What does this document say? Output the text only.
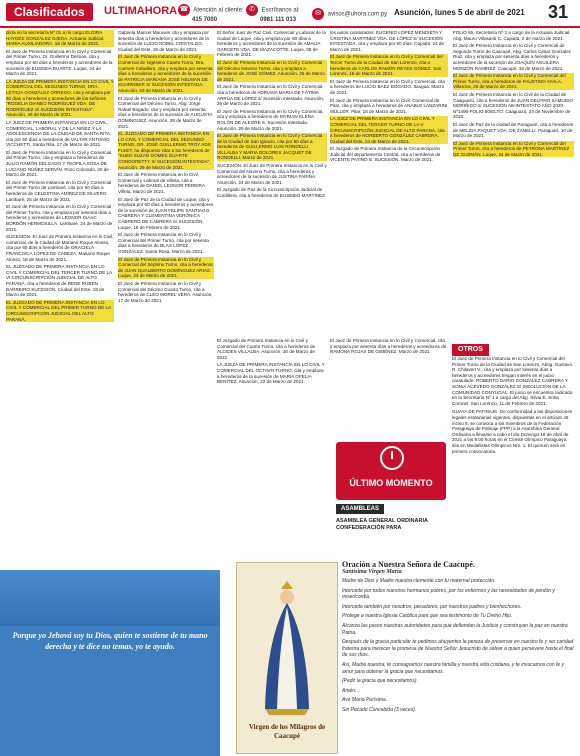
Clasificados	ULTIMAHORA ☎ Atención al cliente:
415 7000
✆ Escríbanos al:
0981 111 013
✉ avisos@uhora.com.py Asunción, lunes 5 de abril de 2021 31

dicta en la secretaría Nº 01 a mi cargo ELGIRA HAYDÉE GONZÁLEZ OJEDA. Actuaria Judicial. MARIA AUXILIADORA. 18 de Marzo de 2021.

El Juez de Primera Instancia en lo Civil y Comercial del Primer Turno, Dr. Guillermo Delmas, cita y emplaza por 60 días a herederos y acreedores de la sucesión de EUSEBIA DUARTE. Luque, 24 de Marzo de 2021.

LA JUEZA DE PRIMERA INSTANCIA EN LO CIVIL Y COMERCIAL DEL SEGUNDO TURNO, DRA. LETICIA GONZÁLEZ ORREGO, cita y emplaza por 60 días a herederos y acreedores de los señores "ROGELIA DIANEO RODRÍGUEZ VDA. DE RODRÍGUEZ S/ SUCESIÓN INTESTADA". Asunción, 26 de Marzo de 2021.

LA JUEZ DE PRIMERA INSTANCIA EN LO CIVIL, COMERCIAL, LABORAL Y DE LA NIÑEZ Y LA ADOLESCENCIA DE LA CIUDAD DE SANTA RITA, cita por 60 días a herederos de VALTAR ANTONIO VICCHETTI. Santa Rita, 17 de Marzo de 2021.

El Juez de Primera Instancia en lo Civil y Comercial del Primer Turno, cita y emplaza a herederos de JULIO RAMÓN DELGADO Y TEÓFILA SOSA DE LUCIANO NÚÑEZ SERVÍN. Pozo Colorado, 20 de Marzo de 2021.

El Juez de Primera Instancia en lo Civil y Comercial del Primer Turno de Lambaré, cita por 60 días a herederos de CELESTINA AMÍREZ DE SILVERO. Lambaré, 25 de Marzo de 2021.

El Juez de Primera Instancia en lo Civil y Comercial del Primer Turno, cita y emplaza por sesenta días a herederos y acreedores de LEONOR ISAAC BORDÓN HERMOSILLA. Lambaré, 24 de Marzo de 2021.

SUCESIÓN. El Juez de Primera Instancia en lo Civil, comercial, de la Ciudad de Mariano Roque Alonso, cita por 60 días a herederos de GRACIELA FRANCISCA LÓPEZ DE CABEZA. Mariano Roque Alonso, 18 de Marzo de 2021.

EL JUZGADO DE PRIMERA INSTANCIA EN LO CIVIL Y COMERCIAL DEL TERCER TURNO DE LA VI CIRCUNSCRIPCIÓN JUDICIAL DE ALTO PARANÁ, cita a herederos de RENE RUBÉN BARREIRO SUCESIÓN, Ciudad del Este, 15 de Marzo de 2021.

EL JUZGADO DE PRIMERA INSTANCIA EN LO CIVIL Y COMERCIAL DEL PRIMER TURNO DE LA CIRCUNSCRIPCIÓN JUDICIAL DEL ALTO PARANÁ.

Gabriela Maricel Mauvaín cita y emplaza por sesenta días a herederos y acreedores de la sucesión de LUCIO NOBEL CRISTALDO. Ciudad del Este, 26 de Marzo de 2021.

El Juez de Primera Instancia en lo Civil y Comercial de Vigésimo Cuarto Turno, Dra. Carmen Caballero, cita y emplaza por sesenta días a herederos y acreedores de la sucesión de PATRICIA MARIANA JOSÉ HELMAN DE SCHREIBER S/ SUCESIÓN INTESTADA. Asunción, 03 de Marzo de 2021.

El Juez de Primera Instancia en lo Civil y Comercial del Décimo Turno, Abg. Jorge Rafael Bogado, cita y emplaza por sesenta días a herederos de la sucesión de AUGUSTA DOMÍNGUEZ. Asunción, 26 de Marzo de 2021.

EL JUZGADO DE PRIMERA INSTANCIA EN LO CIVIL Y COMERCIAL DEL SEGUNDO TURNO, DR. JOSÉ GUILLERMO TROY ADS FLEET, ha dispuesto citar a los herederos de "SUED SUZAN GOMES DUARTE CONDORETTY S/ SUCESIÓN INTESTADA". Asunción, 29 de Marzo de 2021.

El Juez de Primera Instancia en lo Civil, Comercial y Laboral de Villeta, cita a herederos de DANIEL LEONOR PEREIRA. Villeta, Marzo de 2021.

El Juez de Paz de la Ciudad de Luque, cita y emplaza por 60 días a herederos y acreedores de la sucesión de JUAN FELIPE SANTIAGO CABRERA Y CLEMENTINA VERÓNICA CABRERO DE CABRERA S/ SUCESIÓN. Luque, 18 de Febrero de 2021.

El Juez de Primera Instancia en lo Civil y Comercial del Primer Turno, cita por sesenta días a herederos de BLAS LÓPEZ GONZÁLEZ. Santa Rosa, Marzo de 2021.

El Juez de Primera Instancia en lo Civil y Comercial del Séptimo Turno, cita a herederos de JUAN GUALBERTO DOMÍNGUEZ ARIAS. Luque, 23 de Marzo de 2021.

El Juez de Primera Instancia en lo Civil y Comercial del Décimo Cuarto Turno, cita a herederos de CLEO MOREL VERA. Asunción, 17 de Marzo de 2021.

El Señor Juez de Paz Civil, Comercial y Laboral de la ciudad de Luque, cita y emplaza por 60 días a herederos y acreedores de la sucesión de AMALIA GARCETE VDA. DE MAZACOTTE. Luque, 08 de Febrero de 2021.

El Juez de Primera Instancia en lo Civil y Comercial del Décimo Noveno Turno, cita y emplaza a herederos de JOSÉ GÓMEZ. Asunción, 25 de Marzo de 2021.

El Juez de Primera Instancia en lo Civil y Comercial, cita a herederos de ADRIANA MARIA DE FÁTIMA ARRÚA DE LÓPEZ s/ Sucesión intestada. Asunción, 26 de Marzo de 2021.

El Juez de Primera Instancia en lo Civil y Comercial, cita y emplaza a herederos de MYRIAN ELENA ROLÓN DE ALEGRE S. Sucesión Intestada. Asunción, 29 de Marzo de 2021.

El Juez de Primera Instancia en lo Civil y Comercial de la Ciudad de San Ignacio, cita por 60 días a herederos de GUILLERMO LUIS RONDELLI VILLALBA Y MARIA DOLORES JACQUET DE RONDELLI. Marzo de 2021.

SUCESIÓN. El Juez de Primera Instancia en lo Civil y Comercial del Noveno Turno, cita a herederos y acreedores de la sucesión de JUSTINA FARIÑA. Asunción, 24 de Marzo de 2021.

El Juzgado de Paz de la Circunscripción Judicial de Cordillera, cita a herederos de EUSEBIO MARTÍNEZ.

El Juzgado de Primera Instancia en lo Civil y Comercial del Cuarto Turno, cita a herederos de ALCIDES VILLALBA. Asunción, 30 de Marzo de 2021.

LA JUEZA DE PRIMERA INSTANCIA EN LO CIVIL Y COMERCIAL DEL OCTAVO TURNO, cita y emplaza a herederos de la sucesión de MARÍA OFELIA BENÍTEZ. Asunción, 22 de Marzo de 2021.

los autos caratulados: EUGENIO LÓPEZ MENDIETA Y CRISTINA MARTÍNEZ VDA. DE LÓPEZ S/ SUCESIÓN INTESTADA, cita y emplaza por 60 días. Capiatá, 24 de Marzo de 2021.

El Juez de Primera Instancia en lo Civil y Comercial del Tercer Turno de la Ciudad de San Lorenzo, cita a herederos de CARLOS RAMÓN REYES GÓMEZ. San Lorenzo, 16 de Marzo de 2021.

El Juez de Primera Instancia en lo Civil y Comercial, cita a herederos de LUCIO BAEZ BOGADO. Itauguá, Marzo de 2021.

El Juez de Primera Instancia en lo Civil, Comercial de Pilar, cita y emplaza a herederos de ANABLE LANZARINI MÜLLER. Pilar, 18 de Marzo de 2021.

LA JUEZ DE PRIMERA INSTANCIA EN LO CIVIL Y COMERCIAL DEL TERCER TURNO DE LA V CIRCUNSCRIPCIÓN JUDICIAL DE ALTO PARANÁ, cita a herederos de NORBERTO GONZÁLEZ CABRERA. Ciudad del Este, 24 de Marzo de 2021.

El Juzgado de Primera Instancia de la Circunscripción Judicial del departamento Central, cita a herederos de VICENTE PATIÑO B. SUCESIÓN. Marzo de 2021.

El Juez de Primera Instancia en lo Civil y Comercial, cita y emplaza por sesenta días a herederos y acreedores de RAMONA ROJAS DE GIMÉNEZ. Marzo de 2021.

FOLIO 65. Secretaría Nº 2 a cargo de la Actuaria Judicial. Abg. Mauro Villasanti C. Capiatá, 2 de marzo de 2021.

El Juez de Primera Instancia en lo Civil y Comercial de Segundo Turno de Caacupé, Abg. Carlos César Gonzalez Ruiz, cita y emplaza por sesenta días a herederos y acreedores de la sucesión de JOAQUÍN AGUILERA MONZÓN RAMÍREZ. Caacupé, 18 de Marzo de 2021.

El Juez de Primera Instancia en lo Civil y Comercial del Primer Turno, cita a herederos de FAUSTINO AYALA. Villarrica, 26 de Marzo de 2021.

El Juez de Primera Instancia en lo Civil de la Ciudad de Caaguazú, cita a herederos de JUAN DELFINO SAMUDIO MORIÑIGO s/ SUCESIÓN AB-INTESTATO AÑO 2020-Nº1490-FOLIO 50/ELTO. Caaguazú, 24 de Noviembre de 2020.

El Juez de Paz de la ciudad de Paraguarí, cita a herederos de MELIDA PAQUET VDA. DE ZANELLI. Paraguarí, 10 de Marzo de 2021.

El Juez de Primera Instancia en lo Civil y Comercial del Primer Turno, cita a herederos de PETRONA MARTÍNEZ DE GUZMÁN. Luque, 24 de Marzo de 2021.

OTROS

El Juez de Primera Instancia en lo Civil y Comercial del Primer Turno de la Ciudad de San Lorenzo, Abog. Gustavo R. Chilavert V., cita y emplaza por sesenta días a herederos y acreedores tengan interés en el juicio caratulado: ROBERTO DARIO GONZÁLEZ CABRERA Y SONIA ACEVEDO GONZÁLEZ S/ DISOLUCIÓN DE LA COMUNIDAD CONYUGAL. El juicio se encuentra radicado en la Secretaría Nº 1 a cargo del Abg. Silvia E. Sosa Coronel. San Lorenzo, 11 de Febrero de 2021.

GUAYA DE PATINAJE. De conformidad a las disposiciones legales estatutarias vigentes, dispuestas en el artículo 46 inciso 9, se convoca a los miembros de la Federación Paraguaya de Patinaje (FPP) a la Asamblea General Ordinaria a llevarse a cabo el día Domingo 18 de Abril de 2021 a las 9:00 horas en el Comité Olímpico Paraguayo, sito en Medallistas Olímpicos Nro. 1. El quórum será en primera convocatoria.

ÚLTIMO MOMENTO
ASAMBLEAS
ASAMBLEA GENERAL ORDINARIA CONFEDERACIÓN PARA
Porque yo Jehová soy tu Dios, quien te sostiene de tu mano derecha y te dice no temas, yo te ayudo.
Virgen de los Milagros de Caacupé
Oración a Nuestra Señora de Caacupé.
Santísima Virgen María

Madre de Dios y Madre nuestra clemente con tu maternal protección.

Intercede por todos nuestros hermanos pobres, por los enfermos y las necesidades de perdón y misericordia.

Intercede también por nosotros, pecadores, por nuestros padres y bienhechores.

Protege a nuestra Iglesia Católica para que sea testimonio de Tu Divino Hijo.

Alcanza las paces nuestras autoridades para que defiendan la Justicia y construyan la paz en nuestra Patria.

Después de la gracia particular te pedimos ahuyentes la pereza de preservar en nuestro fe y ser caridad fraterna para merecer la promesa de Nuestro Señor Jesucristo de salvar a quien persevere hasta el final de sus días.

Así, Madre nuestra, te consagramos nuestra familia y nuestra vida cristiana, y te invocamos con fe y amor para obtener la gracia que necesitamos.

(Pedir la gracia que necesitamos)

Amén.

Ave María Purísima.

Sin Pecado Concebida (3 veces).
